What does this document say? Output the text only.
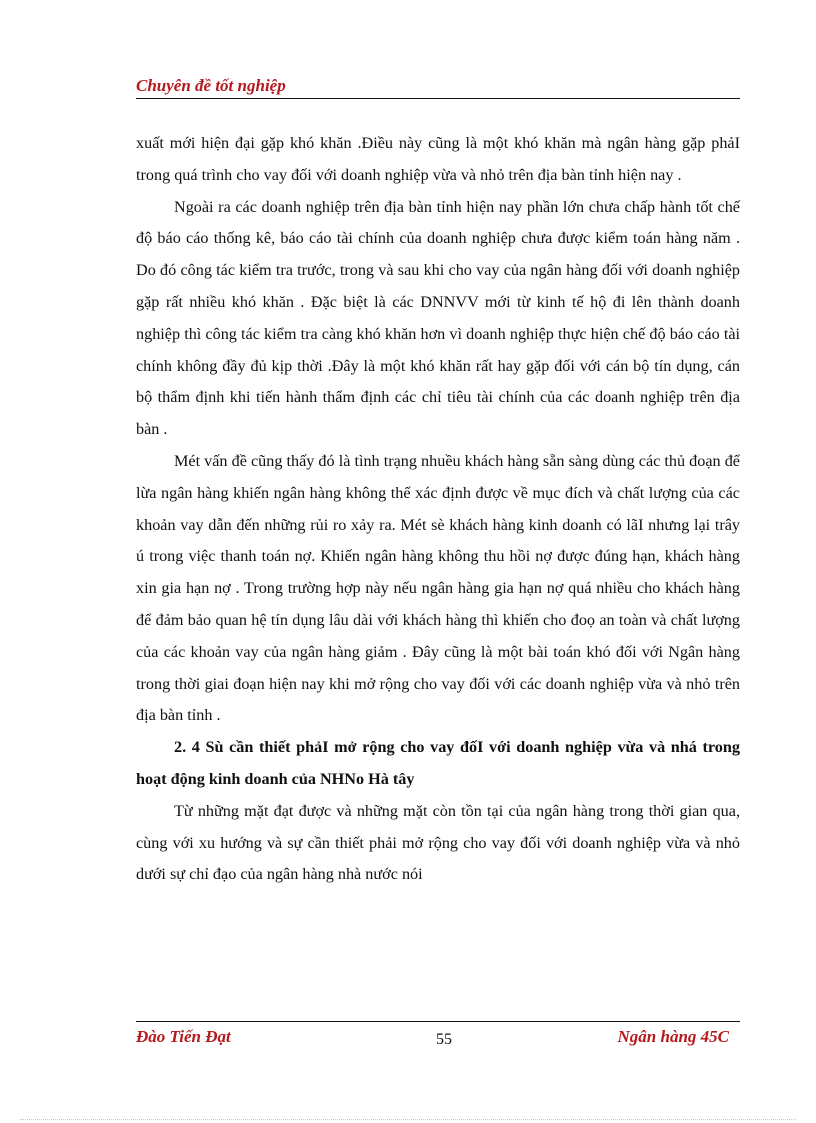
Chuyên đề tốt nghiệp

xuất mới hiện đại gặp khó khăn .Điều này cũng là một khó khăn mà ngân hàng gặp phảI trong quá trình cho vay đối với doanh nghiệp vừa và nhỏ trên địa bàn tỉnh hiện nay .

Ngoài ra các doanh nghiệp trên địa bàn tỉnh hiện nay phần lớn chưa chấp hành tốt chế độ báo cáo thống kê, báo cáo tài chính của doanh nghiệp chưa được kiểm toán hàng năm . Do đó công tác kiểm tra trước, trong và sau khi cho vay của ngân hàng đối với doanh nghiệp gặp rất nhiều khó khăn . Đặc biệt là các DNNVV mới từ kinh tế hộ đi lên thành doanh nghiệp thì công tác kiểm tra càng khó khăn hơn vì doanh nghiệp thực hiện chế độ báo cáo tài chính không đầy đủ kịp thời .Đây là một khó khăn rất hay gặp đối với cán bộ tín dụng, cán bộ thẩm định khi tiến hành thẩm định các chỉ tiêu tài chính của các doanh nghiệp trên địa bàn .

Mét vấn đề cũng thấy đó là tình trạng nhuều khách hàng sẵn sàng dùng các thủ đoạn để lừa ngân hàng khiến ngân hàng không thể xác định được về mục đích và chất lượng của các khoản vay dẫn đến những rủi ro xảy ra. Mét sè khách hàng kinh doanh có lãI nhưng lại trây ú trong việc thanh toán nợ. Khiến ngân hàng không thu hồi nợ được đúng hạn, khách hàng xin gia hạn nợ . Trong trường hợp này nếu ngân hàng gia hạn nợ quá nhiều cho khách hàng để đảm bảo quan hệ tín dụng lâu dài với khách hàng thì khiến cho đoọ an toàn và chất lượng của các khoản vay của ngân hàng giảm . Đây cũng là một bài toán khó đối với Ngân hàng trong thời giai đoạn hiện nay khi mở rộng cho vay đối với các doanh nghiệp vừa và nhỏ trên địa bàn tỉnh .

2. 4 Sù cần thiết phảI mở rộng cho vay đốI với doanh nghiệp vừa và nhá trong hoạt động kinh doanh của NHNo Hà tây

Từ những mặt đạt được và những mặt còn tồn tại của ngân hàng trong thời gian qua, cùng với xu hướng và sự cần thiết phải mở rộng cho vay đối với doanh nghiệp vừa và nhỏ dưới sự chỉ đạo của ngân hàng nhà nước nói

Đào Tiến Đạt	55	Ngân hàng 45C
